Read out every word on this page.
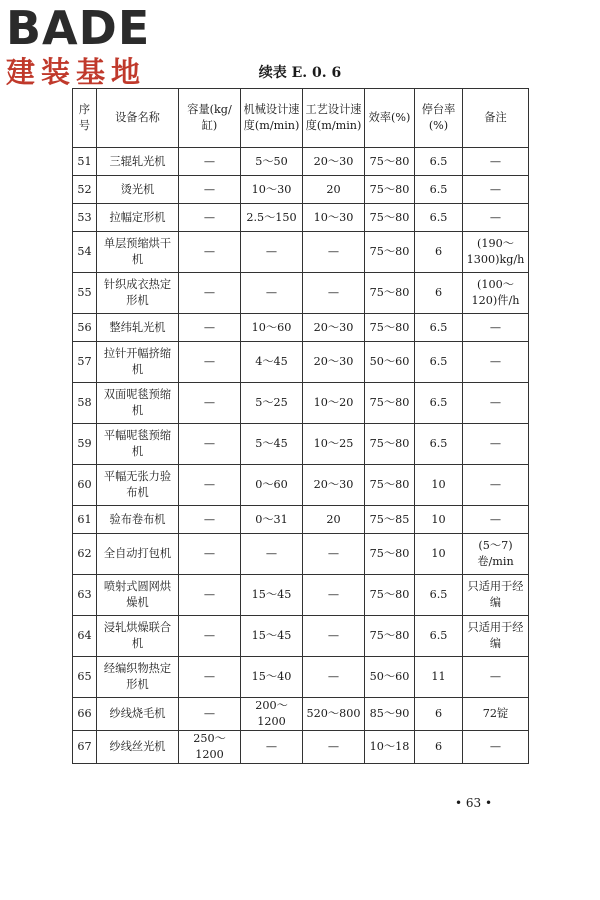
BADE
建装基地	续表 E. 0. 6
序号	设备名称	容量(kg/缸)	机械设计速度(m/min)	工艺设计速度(m/min)	效率(%)	停台率(%)	备注
51	三辊轧光机	—	5～50	20～30	75～80	6.5	—
52	烫光机	—	10～30	20	75～80	6.5	—
53	拉幅定形机	—	2.5～150	10～30	75～80	6.5	—
54	单层预缩烘干机	—	—	—	75～80	6	(190～1300)kg/h
55	针织成衣热定形机	—	—	—	75～80	6	(100～120)件/h
56	整纬轧光机	—	10～60	20～30	75～80	6.5	—
57	拉针开幅挤缩机	—	4～45	20～30	50～60	6.5	—
58	双面呢毯预缩机	—	5～25	10～20	75～80	6.5	—
59	平幅呢毯预缩机	—	5～45	10～25	75～80	6.5	—
60	平幅无张力验布机	—	0～60	20～30	75～80	10	—
61	验布卷布机	—	0～31	20	75～85	10	—
62	全自动打包机	—	—	—	75～80	10	(5～7)卷/min
63	喷射式圆网烘燥机	—	15～45	—	75～80	6.5	只适用于经编
64	浸轧烘燥联合机	—	15～45	—	75～80	6.5	只适用于经编
65	经编织物热定形机	—	15～40	—	50～60	11	—
66	纱线烧毛机	—	200～1200	520～800	85～90	6	72锭
67	纱线丝光机	250～1200	—	—	10～18	6	—
• 63 •
